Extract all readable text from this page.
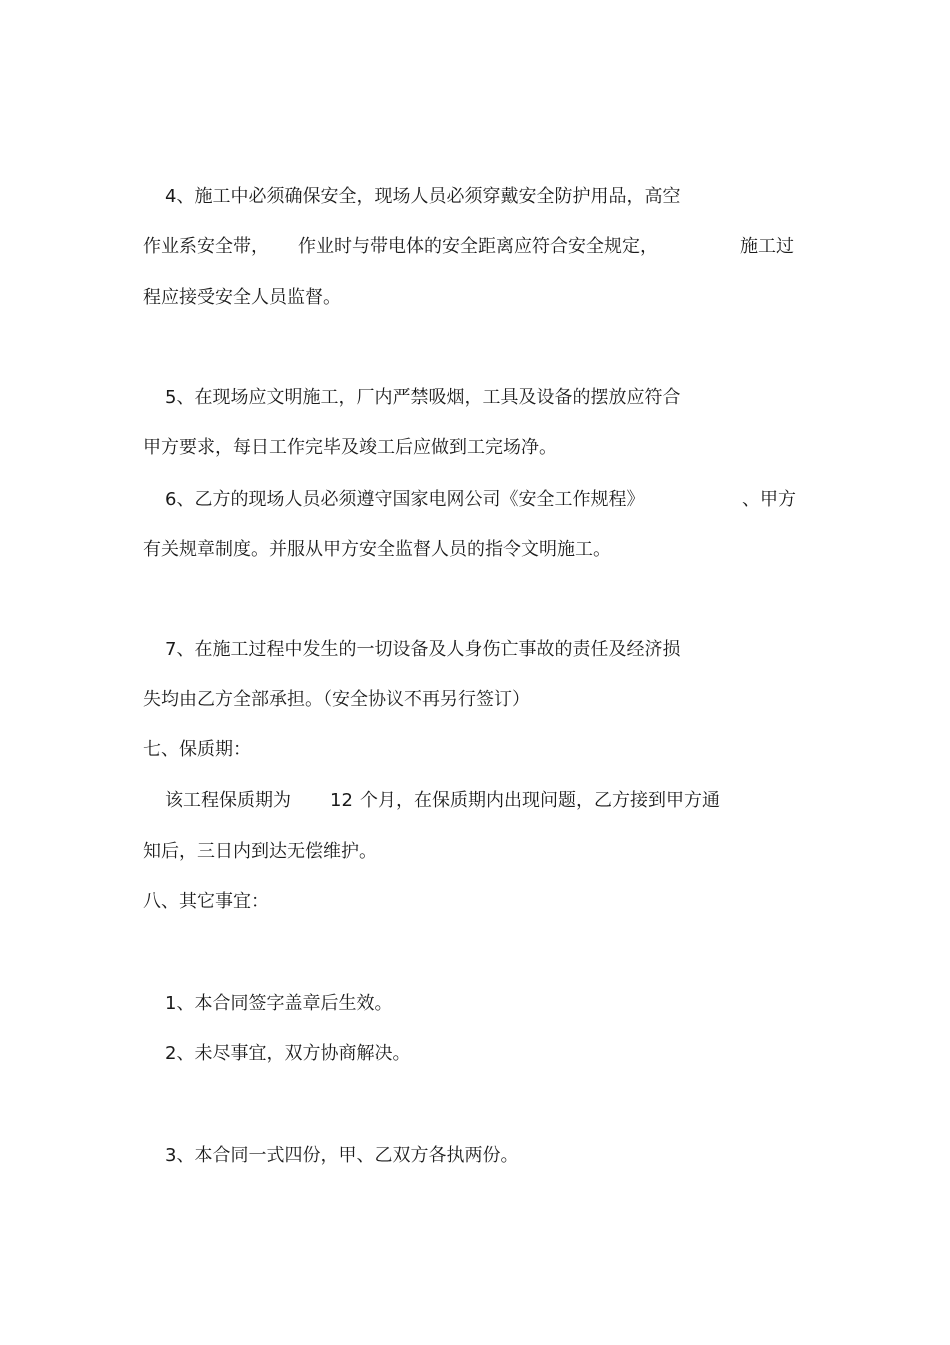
4、施工中必须确保安全，现场人员必须穿戴安全防护用品，高空
作业系安全带， 作业时与带电体的安全距离应符合安全规定，	施工过
程应接受安全人员监督。
5、在现场应文明施工，厂内严禁吸烟，工具及设备的摆放应符合
甲方要求，每日工作完毕及竣工后应做到工完场净。
6、乙方的现场人员必须遵守国家电网公司《安全工作规程》	、甲方
有关规章制度。并服从甲方安全监督人员的指令文明施工。
7、在施工过程中发生的一切设备及人身伤亡事故的责任及经济损
失均由乙方全部承担。（安全协议不再另行签订）
七、保质期：
该工程保质期为 12 个月，在保质期内出现问题，乙方接到甲方通
知后，三日内到达无偿维护。
八、其它事宜：
1、本合同签字盖章后生效。
2、未尽事宜，双方协商解决。
3、本合同一式四份，甲、乙双方各执两份。
